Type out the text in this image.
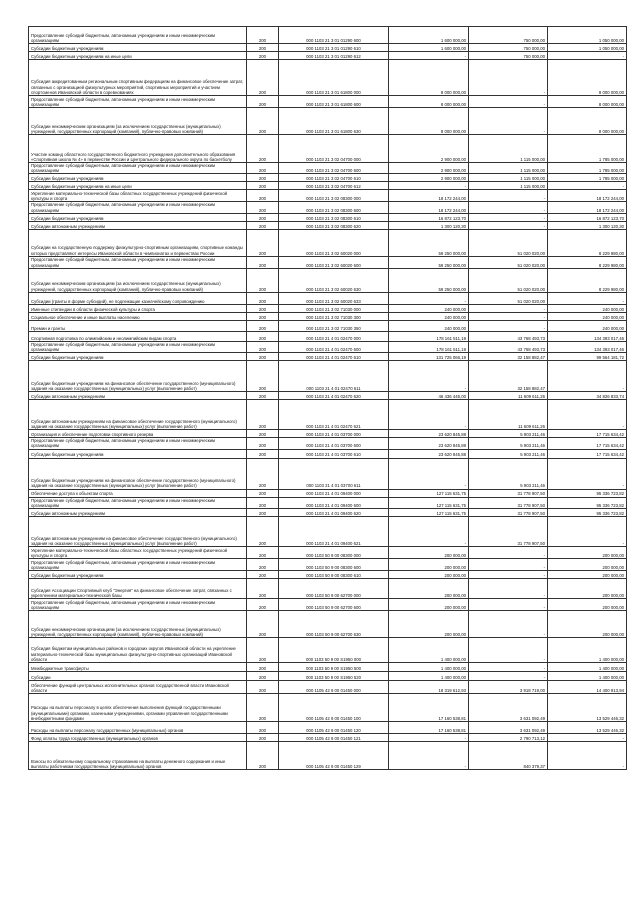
Предоставление субсидий бюджетным, автономным учреждениям и иным некоммерческим организациям	200	000 1103 21 3 01 01290 600	1 600 000,00	750 000,00	1 050 000,00
Субсидии бюджетным учреждениям	200	000 1103 21 3 01 01290 610	1 600 000,00	750 000,00	1 050 000,00
Субсидии бюджетным учреждениям на иные цели	200	000 1103 21 3 01 01290 612	-	750 000,00	-
Субсидия аккредитованным региональным спортивным федерациям на финансовое обеспечение затрат, связанных с организацией физкультурных мероприятий, спортивных мероприятий и участием спортсменов Ивановской области в соревнованиях	200	000 1103 21 3 01 61800 000	8 000 000,00	-	8 000 000,00
Предоставление субсидий бюджетным, автономным учреждениям и иным некоммерческим организациям	200	000 1103 21 3 01 61800 600	8 000 000,00	-	8 000 000,00
Субсидии некоммерческим организациям (за исключением государственных (муниципальных) учреждений, государственных корпораций (компаний), публично-правовых компаний)	200	000 1103 21 3 01 61800 630	8 000 000,00	-	8 000 000,00
Участие команд областного государственного бюджетного учреждения дополнительного образования «Спортивная школа № 4» в первенстве России и Центрального федерального округа по баскетболу	200	000 1103 21 3 02 04700 000	2 900 000,00	1 115 000,00	1 785 000,00
Предоставление субсидий бюджетным, автономным учреждениям и иным некоммерческим организациям	200	000 1103 21 3 02 04700 600	2 900 000,00	1 115 000,00	1 785 000,00
Субсидии бюджетным учреждениям	200	000 1103 21 3 02 04700 610	2 900 000,00	1 115 000,00	1 785 000,00
Субсидии бюджетным учреждениям на иные цели	200	000 1103 21 3 02 04700 612	-	1 115 000,00	-
Укрепление материально-технической базы областных государственных учреждений физической культуры и спорта	200	000 1103 21 3 02 08300 000	18 172 244,00	-	18 172 244,00
Предоставление субсидий бюджетным, автономным учреждениям и иным некоммерческим организациям	200	000 1103 21 3 02 08300 600	18 172 244,00	-	18 172 244,00
Субсидии бюджетным учреждениям	200	000 1103 21 3 02 08300 610	16 872 123,70	-	16 872 123,70
Субсидии автономным учреждениям	200	000 1103 21 3 02 08300 620	1 300 120,30	-	1 300 120,30
Субсидии на государственную поддержку физкультурно-спортивным организациям, спортивные команды которых представляют интересы Ивановской области в чемпионатах и первенствах России	200	000 1103 21 3 02 60020 000	59 250 000,00	51 020 020,00	8 229 980,00
Предоставление субсидий бюджетным, автономным учреждениям и иным некоммерческим организациям	200	000 1103 21 3 02 60020 600	59 250 000,00	51 020 020,00	8 229 980,00
Субсидии некоммерческим организациям (за исключением государственных (муниципальных) учреждений, государственных корпораций (компаний), публично-правовых компаний)	200	000 1103 21 3 02 60020 630	59 250 000,00	51 020 020,00	8 229 980,00
Субсидии (гранты в форме субсидий), не подлежащие казначейскому сопровождению	200	000 1103 21 3 02 60020 633	-	51 020 020,00	-
Именные стипендии в области физической культуры и спорта	200	000 1103 21 3 02 71030 000	240 000,00	-	240 000,00
Социальное обеспечение и иные выплаты населению	200	000 1103 21 3 02 71030 300	240 000,00	-	240 000,00
Премии и гранты	200	000 1103 21 3 02 71030 350	240 000,00	-	240 000,00
Спортивная подготовка по олимпийским и неолимпийским видам спорта	200	000 1103 21 4 01 02470 000	178 161 511,19	43 768 493,73	134 393 017,46
Предоставление субсидий бюджетным, автономным учреждениям и иным некоммерческим организациям	200	000 1103 21 4 01 02470 600	178 161 511,19	43 768 493,73	134 393 017,46
Субсидии бюджетным учреждениям	200	000 1103 21 4 01 02470 610	131 725 066,19	32 158 882,47	99 564 181,72
Субсидии бюджетным учреждениям на финансовое обеспечение государственного (муниципального) задания на оказание государственных (муниципальных) услуг (выполнение работ)	200	000 1103 21 4 01 02470 611	-	32 158 882,47	-
Субсидии автономным учреждениям	200	000 1103 21 4 01 02470 620	46 436 445,00	11 609 611,26	34 826 833,74
Субсидии автономным учреждениям на финансовое обеспечение государственного (муниципального) задания на оказание государственных (муниципальных) услуг (выполнение работ)	200	000 1103 21 4 01 02470 621	-	11 609 611,26	-
Организация и обеспечение подготовки спортивного резерва	200	000 1103 21 4 01 03700 000	23 620 845,88	5 903 211,46	17 715 634,42
Предоставление субсидий бюджетным, автономным учреждениям и иным некоммерческим организациям	200	000 1103 21 4 01 03700 600	23 620 845,88	5 903 211,46	17 715 634,42
Субсидии бюджетным учреждениям	200	000 1103 21 4 01 03700 610	23 620 845,88	5 903 211,46	17 715 634,42
Субсидии бюджетным учреждениям на финансовое обеспечение государственного (муниципального) задания на оказание государственных (муниципальных) услуг (выполнение работ)	200	000 1103 21 4 01 03700 611	-	5 903 211,46	-
Обеспечение доступа к объектам спорта	200	000 1103 21 4 01 09400 000	127 115 631,75	31 778 907,50	95 336 723,82
Предоставление субсидий бюджетным, автономным учреждениям и иным некоммерческим организациям	200	000 1103 21 4 01 09400 600	127 115 631,75	31 778 907,50	95 336 723,82
Субсидии автономным учреждениям	200	000 1103 21 4 01 09400 620	127 115 631,75	31 778 907,50	95 336 723,82
Субсидии автономным учреждениям на финансовое обеспечение государственного (муниципального) задания на оказание государственных (муниципальных) услуг (выполнение работ)	200	000 1103 21 4 01 09400 621	-	31 778 907,50	-
Укрепление материально-технической базы областных государственных учреждений физической культуры и спорта	200	000 1103 50 9 00 08300 000	200 000,00	-	200 000,00
Предоставление субсидий бюджетным, автономным учреждениям и иным некоммерческим организациям	200	000 1103 50 9 00 08300 600	200 000,00	-	200 000,00
Субсидии бюджетным учреждениям	200	000 1103 50 9 00 08300 610	200 000,00	-	200 000,00
Субсидия Ассоциации Спортивный клуб "Энергия" на финансовое обеспечение затрат, связанных с укреплением материально-технической базы	200	000 1103 50 9 00 62700 000	200 000,00	-	200 000,00
Предоставление субсидий бюджетным, автономным учреждениям и иным некоммерческим организациям	200	000 1103 50 9 00 62700 600	200 000,00	-	200 000,00
Субсидии некоммерческим организациям (за исключением государственных (муниципальных) учреждений, государственных корпораций (компаний), публично-правовых компаний)	200	000 1103 50 9 00 62700 630	200 000,00	-	200 000,00
Субсидия бюджетам муниципальных районов и городских округов Ивановской области на укрепление материально-технической базы муниципальных физкультурно-спортивных организаций Ивановской области	200	000 1103 50 9 00 S1950 000	1 400 000,00	-	1 400 000,00
Межбюджетные трансферты	200	000 1103 50 9 00 S1950 500	1 400 000,00	-	1 400 000,00
Субсидии	200	000 1103 50 9 00 S1950 520	1 400 000,00	-	1 400 000,00
Обеспечение функций центральных исполнительных органов государственной власти Ивановской области	200	000 1105 42 9 00 01450 000	18 319 612,93	3 918 719,00	14 400 913,94
Расходы на выплаты персоналу в целях обеспечения выполнения функций государственными (муниципальными) органами, казенными учреждениями, органами управления государственными внебюджетными фондами	200	000 1105 42 9 00 01450 100	17 160 538,81	3 631 092,49	13 529 446,32
Расходы на выплаты персоналу государственных (муниципальных) органов	200	000 1105 42 9 00 01450 120	17 160 538,81	3 631 092,49	13 529 446,32
Фонд оплаты труда государственных (муниципальных) органов	200	000 1105 42 9 00 01450 121	-	2 790 713,12	-
Взносы по обязательному социальному страхованию на выплаты денежного содержания и иные выплаты работникам государственных (муниципальных) органов	200	000 1105 42 9 00 01450 129	-	840 379,37	-
